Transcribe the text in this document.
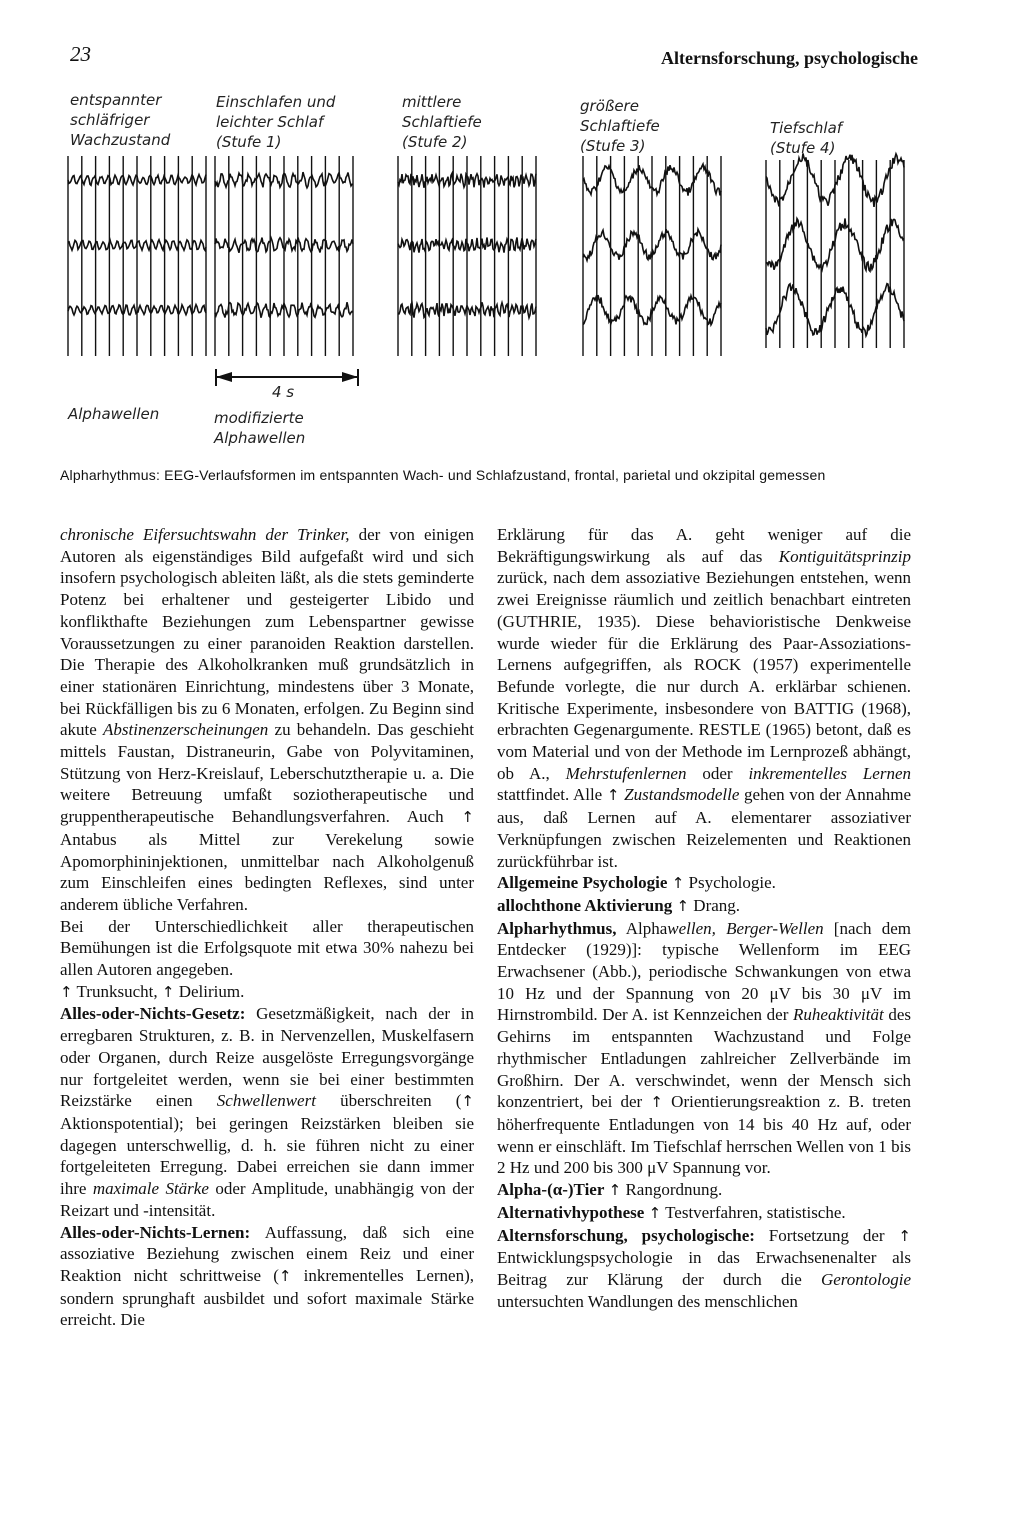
23	Alternsforschung, psychologische
entspannter
schläfriger
Wachzustand
Einschlafen und
leichter Schlaf
(Stufe 1)
mittlere
Schlaftiefe
(Stufe 2)
größere
Schlaftiefe
(Stufe 3)
Tiefschlaf
(Stufe 4)
4 s
Alphawellen	modifizierte
Alphawellen
Alpharhythmus: EEG-Verlaufsformen im entspannten Wach- und Schlafzustand, frontal, parietal und okzipital gemessen

chronische Eifersuchtswahn der Trinker, der von einigen Autoren als eigenständiges Bild aufgefaßt wird und sich insofern psychologisch ableiten läßt, als die stets geminderte Potenz bei erhaltener und gesteigerter Libido und konflikthafte Beziehungen zum Lebenspartner gewisse Voraussetzungen zu einer paranoiden Reaktion darstellen. Die Therapie des Alkoholkranken muß grundsätzlich in einer stationären Einrichtung, mindestens über 3 Monate, bei Rückfälligen bis zu 6 Monaten, erfolgen. Zu Beginn sind akute Abstinenzerscheinungen zu behandeln. Das geschieht mittels Faustan, Distraneurin, Gabe von Polyvitaminen, Stützung von Herz-Kreislauf, Leberschutztherapie u. a. Die weitere Betreuung umfaßt soziotherapeutische und gruppentherapeutische Behandlungsverfahren. Auch ↑ Antabus als Mittel zur Verekelung sowie Apomorphininjektionen, unmittelbar nach Alkoholgenuß zum Einschleifen eines bedingten Reflexes, sind unter anderem übliche Verfahren.

Bei der Unterschiedlichkeit aller therapeutischen Bemühungen ist die Erfolgsquote mit etwa 30% nahezu bei allen Autoren angegeben.

↑ Trunksucht, ↑ Delirium.

Alles-oder-Nichts-Gesetz: Gesetzmäßigkeit, nach der in erregbaren Strukturen, z. B. in Nervenzellen, Muskelfasern oder Organen, durch Reize ausgelöste Erregungsvorgänge nur fortgeleitet werden, wenn sie bei einer bestimmten Reizstärke einen Schwellenwert überschreiten (↑ Aktionspotential); bei geringen Reizstärken bleiben sie dagegen unterschwellig, d. h. sie führen nicht zu einer fortgeleiteten Erregung. Dabei erreichen sie dann immer ihre maximale Stärke oder Amplitude, unabhängig von der Reizart und -intensität.

Alles-oder-Nichts-Lernen: Auffassung, daß sich eine assoziative Beziehung zwischen einem Reiz und einer Reaktion nicht schrittweise (↑ inkrementelles Lernen), sondern sprunghaft ausbildet und sofort maximale Stärke erreicht. Die

Erklärung für das A. geht weniger auf die Bekräftigungswirkung als auf das Kontiguitätsprinzip zurück, nach dem assoziative Beziehungen entstehen, wenn zwei Ereignisse räumlich und zeitlich benachbart eintreten (GUTHRIE, 1935). Diese behavioristische Denkweise wurde wieder für die Erklärung des Paar-Assoziations-Lernens aufgegriffen, als ROCK (1957) experimentelle Befunde vorlegte, die nur durch A. erklärbar schienen. Kritische Experimente, insbesondere von BATTIG (1968), erbrachten Gegenargumente. RESTLE (1965) betont, daß es vom Material und von der Methode im Lernprozeß abhängt, ob A., Mehrstufenlernen oder inkrementelles Lernen stattfindet. Alle ↑ Zustandsmodelle gehen von der Annahme aus, daß Lernen auf A. elementarer assoziativer Verknüpfungen zwischen Reizelementen und Reaktionen zurückführbar ist.

Allgemeine Psychologie ↑ Psychologie.

allochthone Aktivierung ↑ Drang.

Alpharhythmus, Alphawellen, Berger-Wellen [nach dem Entdecker (1929)]: typische Wellenform im EEG Erwachsener (Abb.), periodische Schwankungen von etwa 10 Hz und der Spannung von 20 μV bis 30 μV im Hirnstrombild. Der A. ist Kennzeichen der Ruheaktivität des Gehirns im entspannten Wachzustand und Folge rhythmischer Entladungen zahlreicher Zellverbände im Großhirn. Der A. verschwindet, wenn der Mensch sich konzentriert, bei der ↑ Orientierungsreaktion z. B. treten höherfrequente Entladungen von 14 bis 40 Hz auf, oder wenn er einschläft. Im Tiefschlaf herrschen Wellen von 1 bis 2 Hz und 200 bis 300 μV Spannung vor.

Alpha-(α-)Tier ↑ Rangordnung.

Alternativhypothese ↑ Testverfahren, statistische.

Alternsforschung, psychologische: Fortsetzung der ↑ Entwicklungspsychologie in das Erwachsenenalter als Beitrag zur Klärung der durch die Gerontologie untersuchten Wandlungen des menschlichen
